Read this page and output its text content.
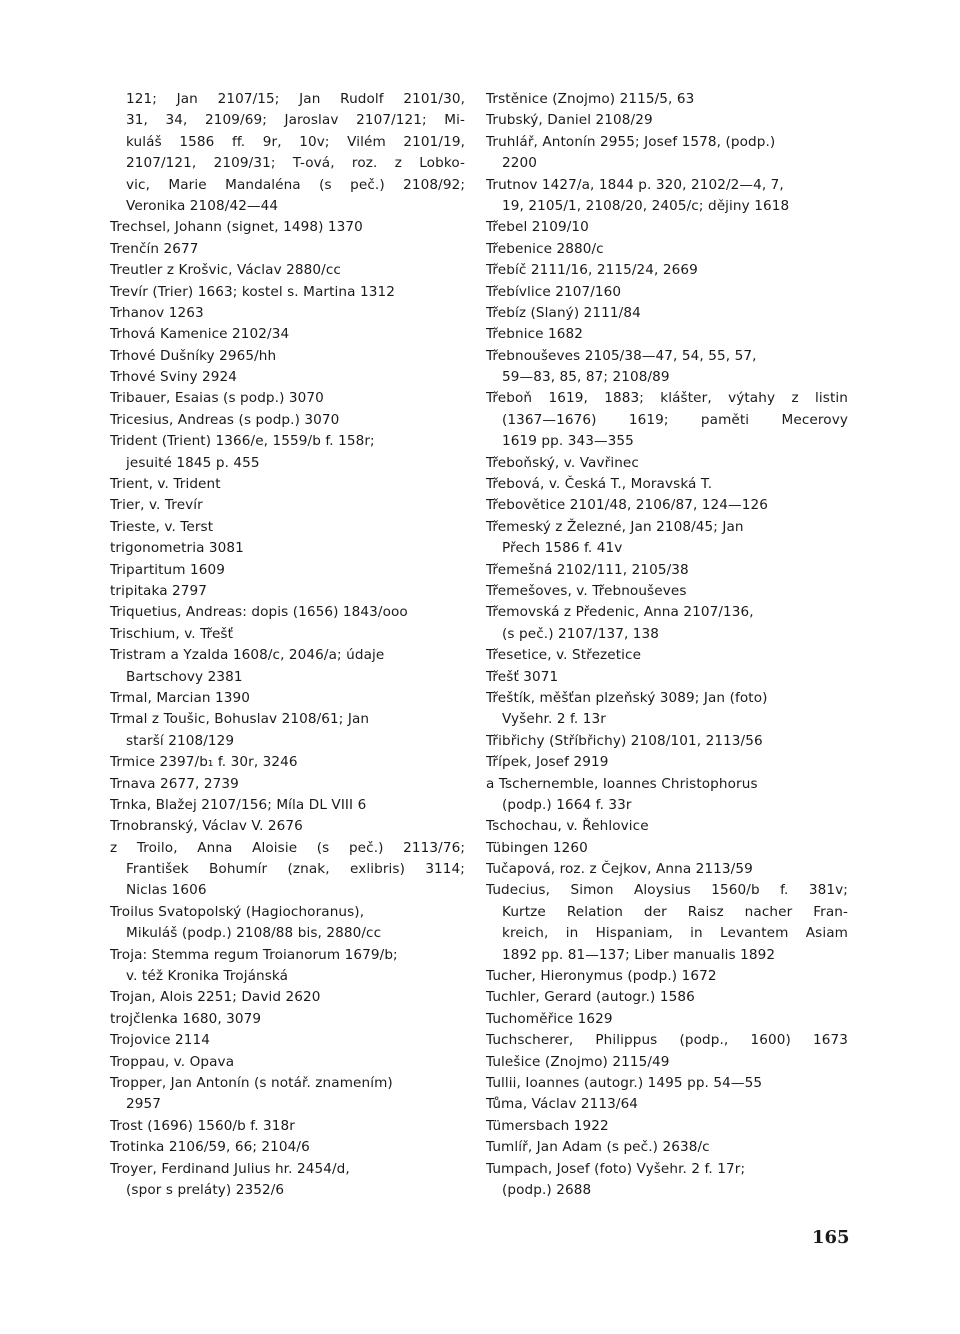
121; Jan 2107/15; Jan Rudolf 2101/30,
31, 34, 2109/69; Jaroslav 2107/121; Mi-
kuláš 1586 ff. 9r, 10v; Vilém 2101/19,
2107/121, 2109/31; T-ová, roz. z Lobko-
vic, Marie Mandaléna (s peč.) 2108/92;
Veronika 2108/42—44
Trechsel, Johann (signet, 1498) 1370
Trenčín 2677
Treutler z Krošvic, Václav 2880/cc
Trevír (Trier) 1663; kostel s. Martina 1312
Trhanov 1263
Trhová Kamenice 2102/34
Trhové Dušníky 2965/hh
Trhové Sviny 2924
Tribauer, Esaias (s podp.) 3070
Tricesius, Andreas (s podp.) 3070
Trident (Trient) 1366/e, 1559/b f. 158r;
jesuité 1845 p. 455
Trient, v. Trident
Trier, v. Trevír
Trieste, v. Terst
trigonometria 3081
Tripartitum 1609
tripitaka 2797
Triquetius, Andreas: dopis (1656) 1843/ooo
Trischium, v. Třešť
Tristram a Yzalda 1608/c, 2046/a; údaje
Bartschovy 2381
Trmal, Marcian 1390
Trmal z Toušic, Bohuslav 2108/61; Jan
starší 2108/129
Trmice 2397/b₁ f. 30r, 3246
Trnava 2677, 2739
Trnka, Blažej 2107/156; Míla DL VIII 6
Trnobranský, Václav V. 2676
z Troilo, Anna Aloisie (s peč.) 2113/76;
František Bohumír (znak, exlibris) 3114;
Niclas 1606
Troilus Svatopolský (Hagiochoranus),
Mikuláš (podp.) 2108/88 bis, 2880/cc
Troja: Stemma regum Troianorum 1679/b;
v. též Kronika Trojánská
Trojan, Alois 2251; David 2620
trojčlenka 1680, 3079
Trojovice 2114
Troppau, v. Opava
Tropper, Jan Antonín (s notář. znamením)
2957
Trost (1696) 1560/b f. 318r
Trotinka 2106/59, 66; 2104/6
Troyer, Ferdinand Julius hr. 2454/d,
(spor s preláty) 2352/6
Trstěnice (Znojmo) 2115/5, 63
Trubský, Daniel 2108/29
Truhlář, Antonín 2955; Josef 1578, (podp.)
2200
Trutnov 1427/a, 1844 p. 320, 2102/2—4, 7,
19, 2105/1, 2108/20, 2405/c; dějiny 1618
Třebel 2109/10
Třebenice 2880/c
Třebíč 2111/16, 2115/24, 2669
Třebívlice 2107/160
Třebíz (Slaný) 2111/84
Třebnice 1682
Třebnouševes 2105/38—47, 54, 55, 57,
59—83, 85, 87; 2108/89
Třeboň 1619, 1883; klášter, výtahy z listin
(1367—1676) 1619; paměti Mecerovy
1619 pp. 343—355
Třeboňský, v. Vavřinec
Třebová, v. Česká T., Moravská T.
Třebovětice 2101/48, 2106/87, 124—126
Třemeský z Železné, Jan 2108/45; Jan
Přech 1586 f. 41v
Třemešná 2102/111, 2105/38
Třemešoves, v. Třebnouševes
Třemovská z Předenic, Anna 2107/136,
(s peč.) 2107/137, 138
Třesetice, v. Střezetice
Třešť 3071
Třeštík, měšťan plzeňský 3089; Jan (foto)
Vyšehr. 2 f. 13r
Třibřichy (Stříbřichy) 2108/101, 2113/56
Třípek, Josef 2919
a Tschernemble, Ioannes Christophorus
(podp.) 1664 f. 33r
Tschochau, v. Řehlovice
Tübingen 1260
Tučapová, roz. z Čejkov, Anna 2113/59
Tudecius, Simon Aloysius 1560/b f. 381v;
Kurtze Relation der Raisz nacher Fran-
kreich, in Hispaniam, in Levantem Asiam
1892 pp. 81—137; Liber manualis 1892
Tucher, Hieronymus (podp.) 1672
Tuchler, Gerard (autogr.) 1586
Tuchoměřice 1629
Tuchscherer, Philippus (podp., 1600) 1673
Tulešice (Znojmo) 2115/49
Tullii, Ioannes (autogr.) 1495 pp. 54—55
Tůma, Václav 2113/64
Tümersbach 1922
Tumlíř, Jan Adam (s peč.) 2638/c
Tumpach, Josef (foto) Vyšehr. 2 f. 17r;
(podp.) 2688
165
